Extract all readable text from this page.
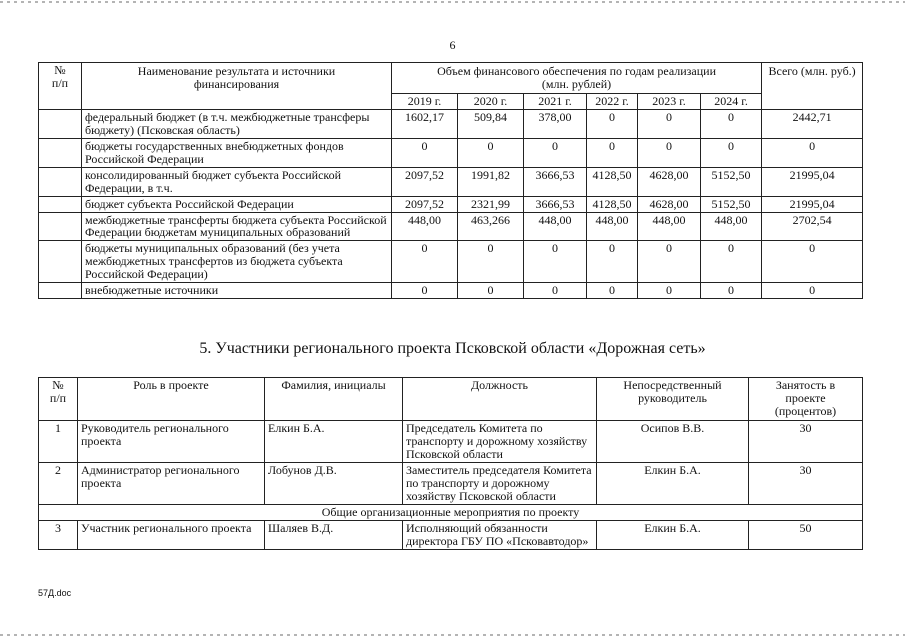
6
№
п/п	Наименование результата и источники финансирования	Объем финансового обеспечения по годам реализации (млн. рублей)						Всего (млн. руб.)
		2019 г.	2020 г.	2021 г.	2022 г.	2023 г.	2024 г.	
	федеральный бюджет (в т.ч. межбюджетные трансферы бюджету) (Псковская область)	1602,17	509,84	378,00	0	0	0	2442,71
	бюджеты государственных внебюджетных фондов Российской Федерации	0	0	0	0	0	0	0
	консолидированный бюджет субъекта Российской Федерации, в т.ч.	2097,52	1991,82	3666,53	4128,50	4628,00	5152,50	21995,04
	бюджет субъекта Российской Федерации	2097,52	2321,99	3666,53	4128,50	4628,00	5152,50	21995,04
	межбюджетные трансферты бюджета субъекта Российской Федерации бюджетам муниципальных образований	448,00	463,266	448,00	448,00	448,00	448,00	2702,54
	бюджеты муниципальных образований (без учета межбюджетных трансфертов из бюджета субъекта Российской Федерации)	0	0	0	0	0	0	0
	внебюджетные источники	0	0	0	0	0	0	0
5. Участники регионального проекта Псковской области «Дорожная сеть»
№
п/п	Роль в проекте	Фамилия, инициалы	Должность	Непосредственный руководитель	Занятость в проекте (процентов)
1	Руководитель регионального проекта	Елкин Б.А.	Председатель Комитета по транспорту и дорожному хозяйству Псковской области	Осипов В.В.	30
2	Администратор регионального проекта	Лобунов Д.В.	Заместитель председателя Комитета по транспорту и дорожному хозяйству Псковской области	Елкин Б.А.	30
Общие организационные мероприятия по проекту					
3	Участник регионального проекта	Шаляев В.Д.	Исполняющий обязанности директора ГБУ ПО «Псковавтодор»	Елкин Б.А.	50
57Д.doc
